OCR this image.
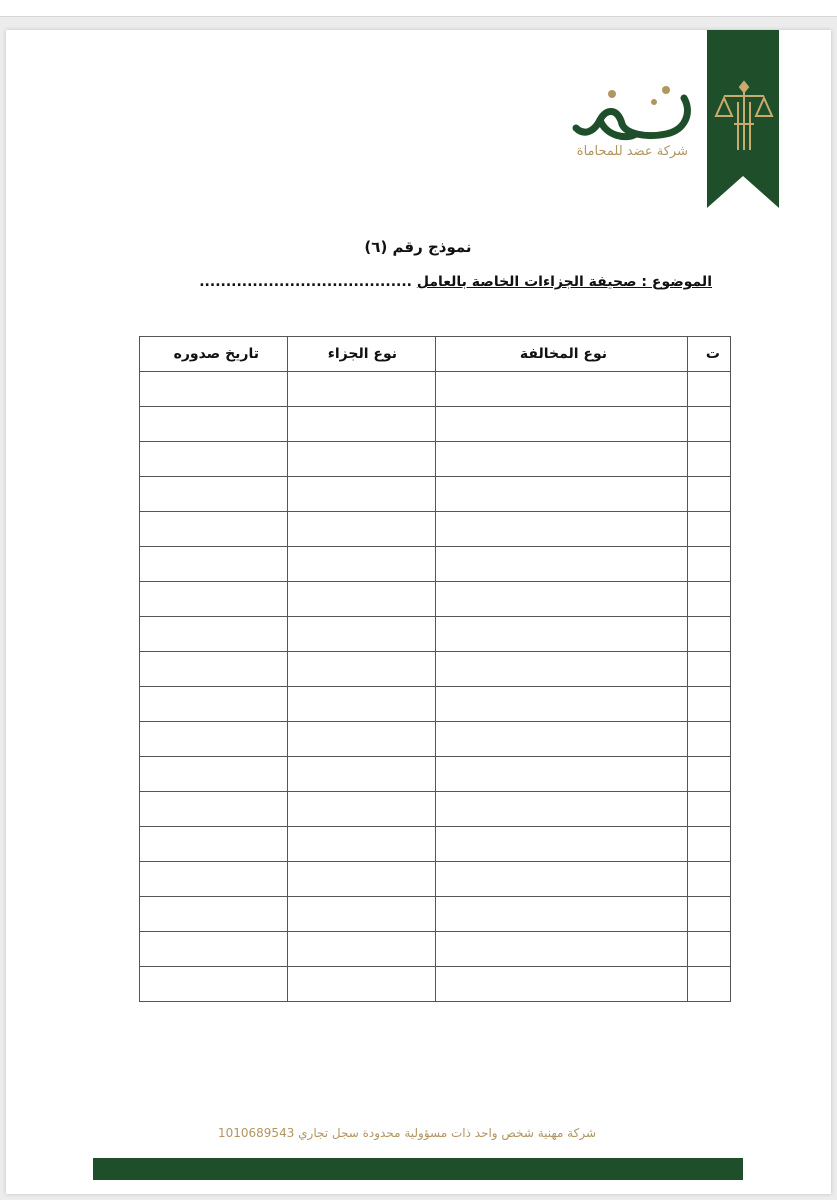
شركة عضد للمحاماة
نموذج رقم (٦)
الموضوع : صحيفة الجزاءات الخاصة بالعامل ........................................
ت	نوع المخالفة	نوع الجزاء	تاريخ صدوره

شركة مهنية شخص واحد ذات مسؤولية محدودة سجل تجاري 1010689543
